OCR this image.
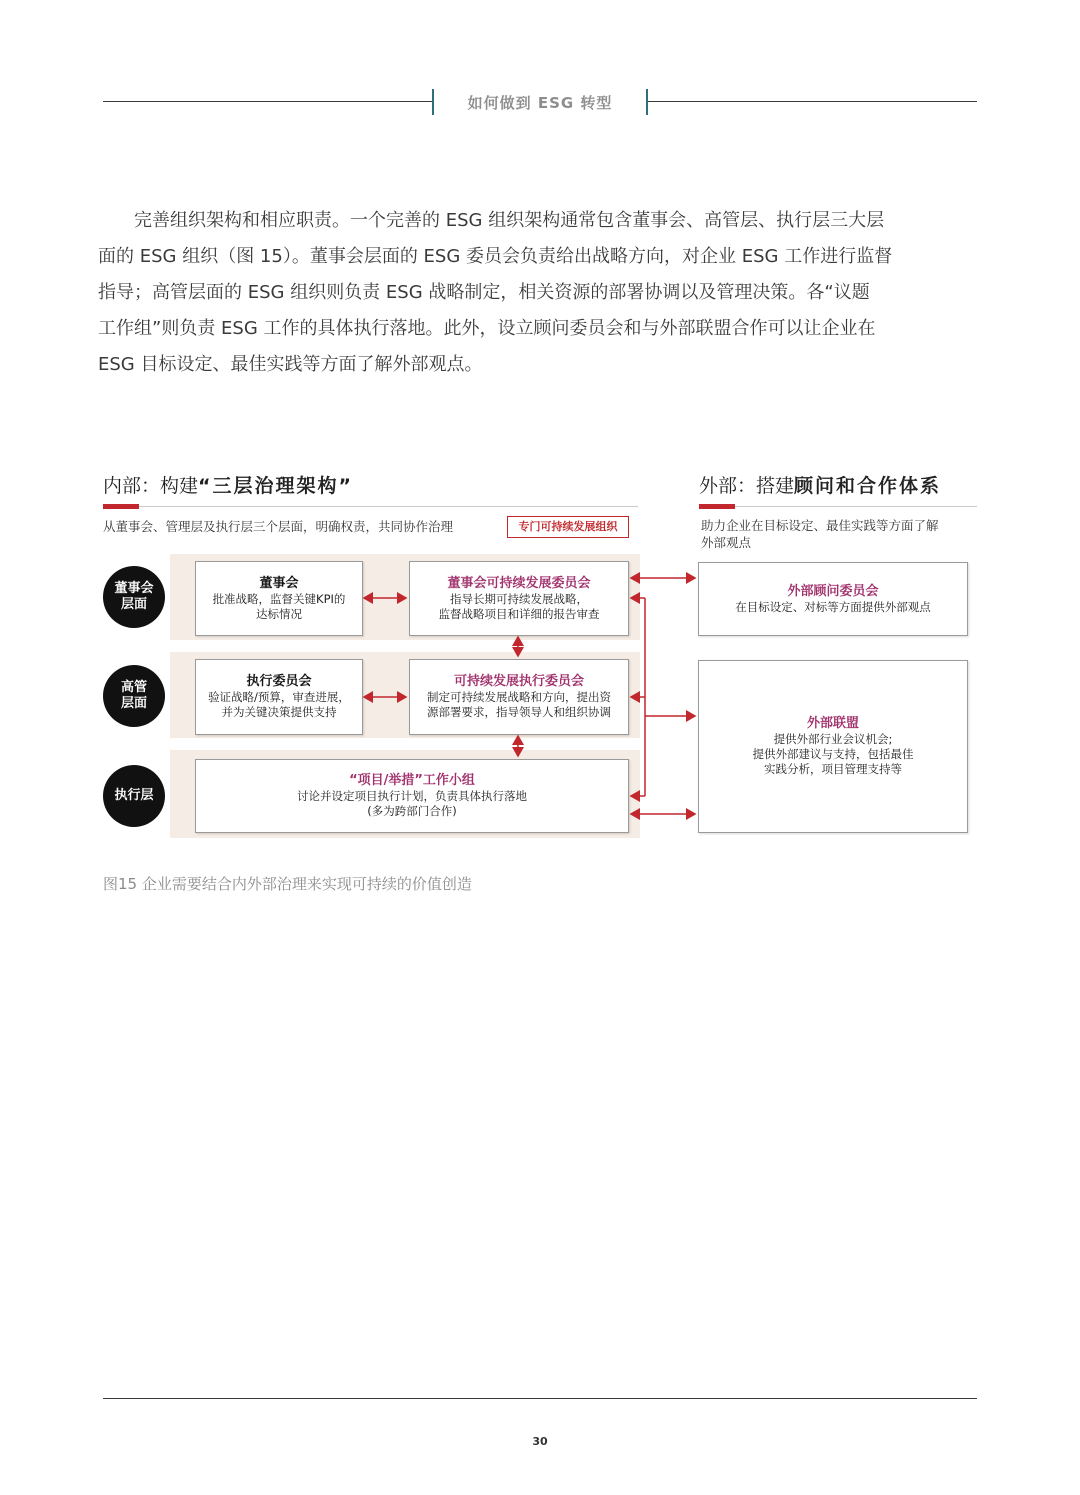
如何做到 ESG 转型
　　完善组织架构和相应职责。一个完善的 ESG 组织架构通常包含董事会、高管层、执行层三大层
面的 ESG 组织（图 15）。董事会层面的 ESG 委员会负责给出战略方向，对企业 ESG 工作进行监督
指导；高管层面的 ESG 组织则负责 ESG 战略制定，相关资源的部署协调以及管理决策。各“议题
工作组”则负责 ESG 工作的具体执行落地。此外，设立顾问委员会和与外部联盟合作可以让企业在
ESG 目标设定、最佳实践等方面了解外部观点。
内部：构建“三层治理架构”	外部：搭建顾问和合作体系
从董事会、管理层及执行层三个层面，明确权责，共同协作治理	专门可持续发展组织	助力企业在目标设定、最佳实践等方面了解
外部观点
董事会
层面
高管
层面
执行层
董事会
批准战略，监督关键KPI的
达标情况
董事会可持续发展委员会
指导长期可持续发展战略，
监督战略项目和详细的报告审查
执行委员会
验证战略/预算，审查进展，
并为关键决策提供支持
可持续发展执行委员会
制定可持续发展战略和方向，提出资
源部署要求，指导领导人和组织协调
“项目/举措”工作小组
讨论并设定项目执行计划，负责具体执行落地
(多为跨部门合作)
外部顾问委员会
在目标设定、对标等方面提供外部观点
外部联盟
提供外部行业会议机会;
提供外部建议与支持，包括最佳
实践分析，项目管理支持等
图15 企业需要结合内外部治理来实现可持续的价值创造
30
